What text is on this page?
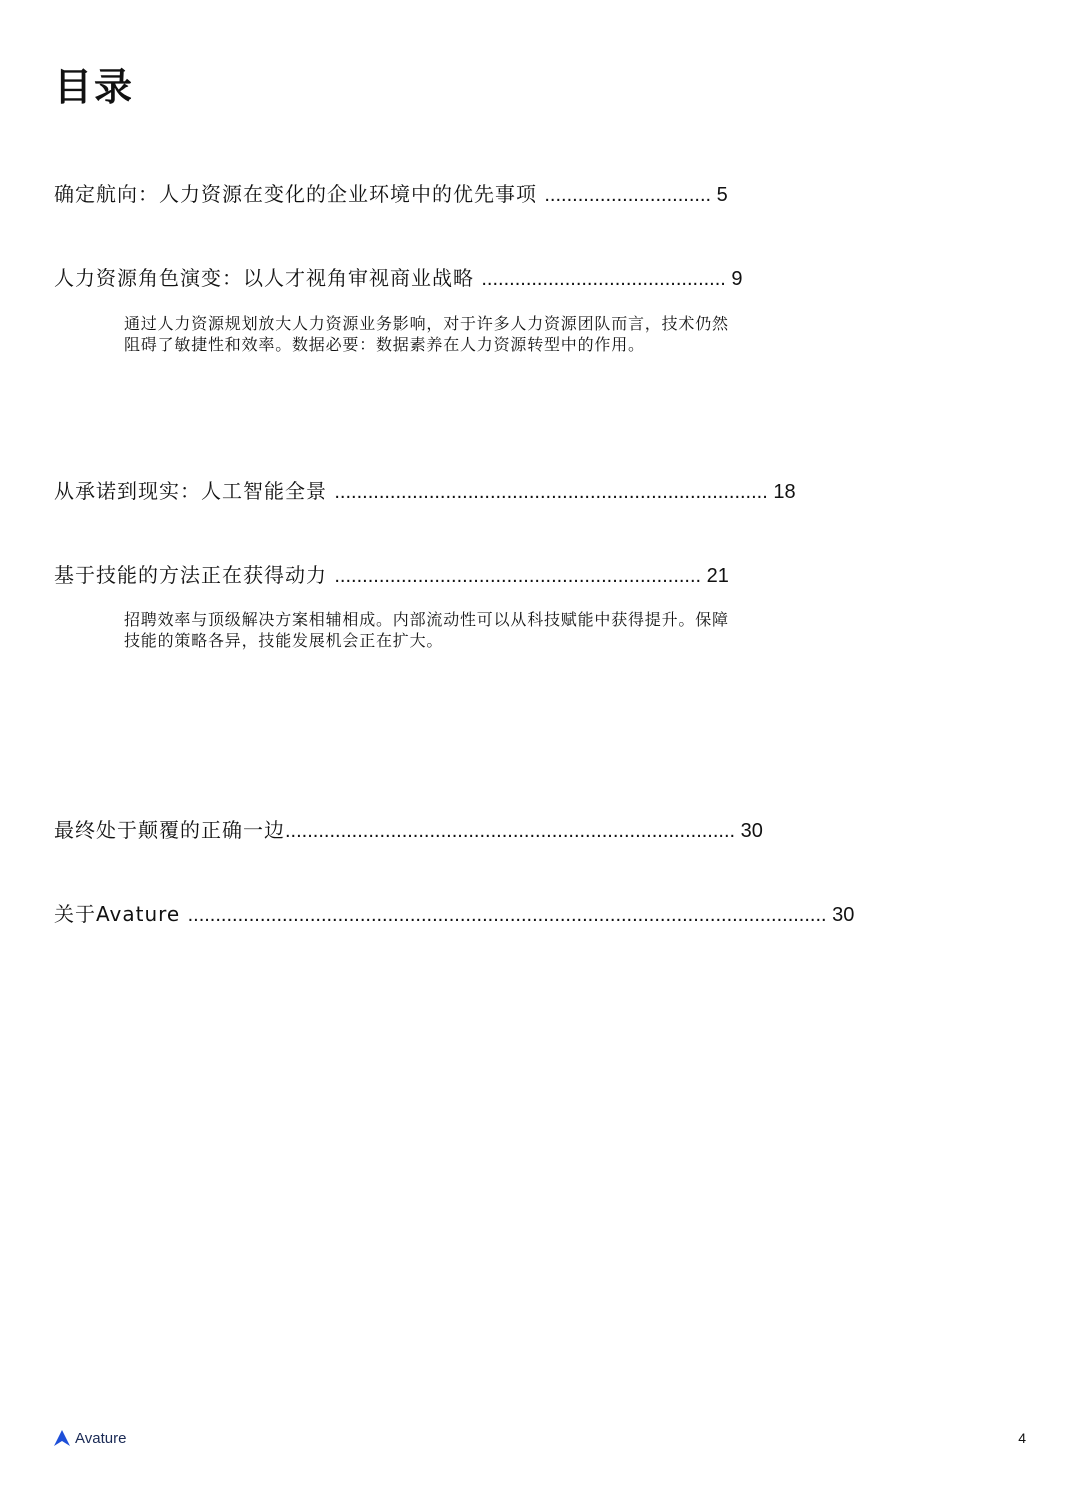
目录
确定航向：人力资源在变化的企业环境中的优先事项 .............................. 5
人力资源角色演变：以人才视角审视商业战略 ............................................ 9
通过人力资源规划放大人力资源业务影响，对于许多人力资源团队而言，技术仍然阻碍了敏捷性和效率。数据必要：数据素养在人力资源转型中的作用。
从承诺到现实：人工智能全景 .............................................................................. 18
基于技能的方法正在获得动力 .................................................................. 21
招聘效率与顶级解决方案相辅相成。内部流动性可以从科技赋能中获得提升。保障技能的策略各异，技能发展机会正在扩大。
最终处于颠覆的正确一边................................................................................. 30
关于Avature ................................................................................................................... 30
Avature	4
